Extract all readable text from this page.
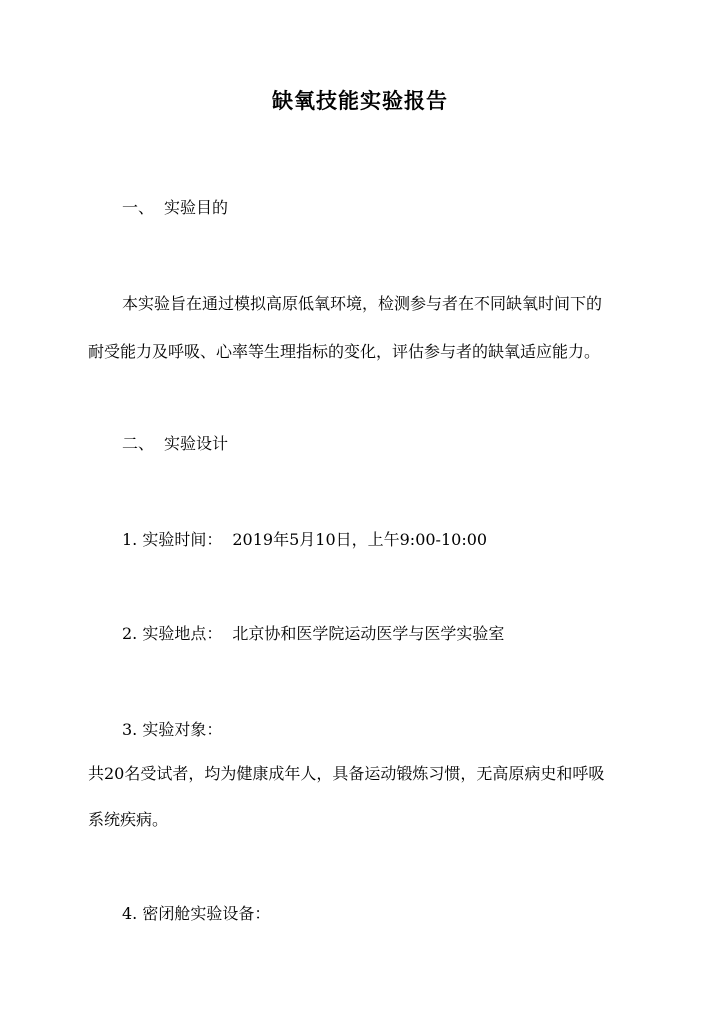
缺氧技能实验报告
一、 实验目的
本实验旨在通过模拟高原低氧环境，检测参与者在不同缺氧时间下的
耐受能力及呼吸、心率等生理指标的变化，评估参与者的缺氧适应能力。
二、 实验设计
1. 实验时间： 2019年5月10日，上午9:00-10:00
2. 实验地点： 北京协和医学院运动医学与医学实验室
3. 实验对象：
共20名受试者，均为健康成年人，具备运动锻炼习惯，无高原病史和呼吸
系统疾病。
4. 密闭舱实验设备：
